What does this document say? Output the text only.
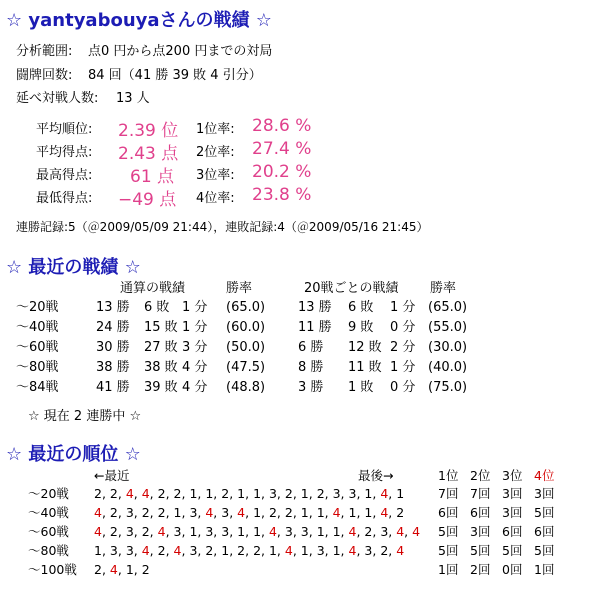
☆ yantyabouyaさんの戦績 ☆
分析範囲: 点0 円から点200 円までの対局
闘牌回数: 84 回（41 勝 39 敗 4 引分）
延べ対戦人数: 13 人
平均順位: 2.39 位
平均得点: 2.43 点
最高得点: 61 点
最低得点: −49 点
1位率: 28.6 %
2位率: 27.4 %
3位率: 20.2 %
4位率: 23.8 %
連勝記録:5（＠2009/05/09 21:44），連敗記録:4（＠2009/05/16 21:45）
☆ 最近の戦績 ☆
通算の戦績	勝率	20戦ごとの戦績 勝率
〜20戦	13 勝 6 敗 1 分 (65.0)	13 勝 6 敗 1 分 (65.0)
〜40戦	24 勝 15 敗 1 分 (60.0)	11 勝 9 敗 0 分 (55.0)
〜60戦	30 勝 27 敗 3 分 (50.0)	6 勝 12 敗 2 分 (30.0)
〜80戦	38 勝 38 敗 4 分 (47.5)	8 勝 11 敗 1 分 (40.0)
〜84戦	41 勝 39 敗 4 分 (48.8)	3 勝 1 敗 0 分 (75.0)
☆ 現在 2 連勝中 ☆
☆ 最近の順位 ☆
←最近	最後→	1位 2位 3位 4位
〜20戦 2, 2, 4, 4, 2, 2, 1, 1, 2, 1, 1, 3, 2, 1, 2, 3, 3, 1, 4, 1	7回 7回 3回 3回
〜40戦 4, 2, 3, 2, 2, 1, 3, 4, 3, 4, 1, 2, 2, 1, 1, 4, 1, 1, 4, 2	6回 6回 3回 5回
〜60戦 4, 2, 3, 2, 4, 3, 1, 3, 3, 1, 1, 4, 3, 3, 1, 1, 4, 2, 3, 4, 4 5回 3回 6回 6回
〜80戦 1, 3, 3, 4, 2, 4, 3, 2, 1, 2, 2, 1, 4, 1, 3, 1, 4, 3, 2, 4	5回 5回 5回 5回
〜100戦 2, 4, 1, 2	1回 2回 0回 1回
